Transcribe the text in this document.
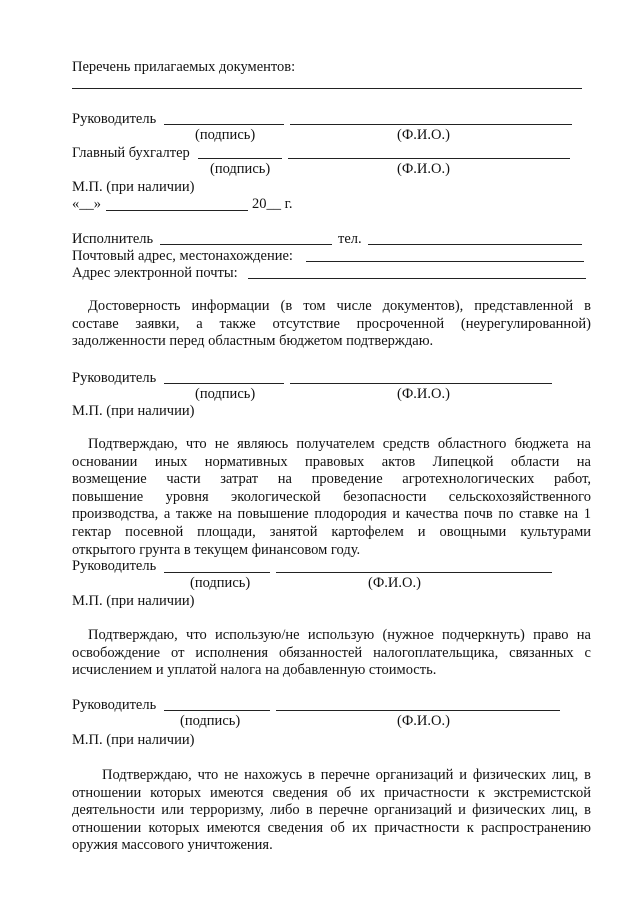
Перечень прилагаемых документов:
Руководитель
(подпись)	(Ф.И.О.)
Главный бухгалтер
(подпись)	(Ф.И.О.)
М.П. (при наличии)
«__»	20__ г.
Исполнитель	тел.
Почтовый адрес, местонахождение:
Адрес электронной почты:
Достоверность информации (в том числе документов), представленной в
составе заявки, а также отсутствие просроченной (неурегулированной)
задолженности перед областным бюджетом подтверждаю.
Руководитель
(подпись)	(Ф.И.О.)
М.П. (при наличии)
Подтверждаю, что не являюсь получателем средств областного бюджета на
основании иных нормативных правовых актов Липецкой области на
возмещение части затрат на проведение агротехнологических работ,
повышение уровня экологической безопасности сельскохозяйственного
производства, а также на повышение плодородия и качества почв по ставке на 1
гектар посевной площади, занятой картофелем и овощными культурами
открытого грунта в текущем финансовом году.
Руководитель
(подпись)	(Ф.И.О.)
М.П. (при наличии)
Подтверждаю, что использую/не использую (нужное подчеркнуть) право на
освобождение от исполнения обязанностей налогоплательщика, связанных с
исчислением и уплатой налога на добавленную стоимость.
Руководитель
(подпись)	(Ф.И.О.)
М.П. (при наличии)
Подтверждаю, что не нахожусь в перечне организаций и физических лиц, в
отношении которых имеются сведения об их причастности к экстремистской
деятельности или терроризму, либо в перечне организаций и физических лиц, в
отношении которых имеются сведения об их причастности к распространению
оружия массового уничтожения.
